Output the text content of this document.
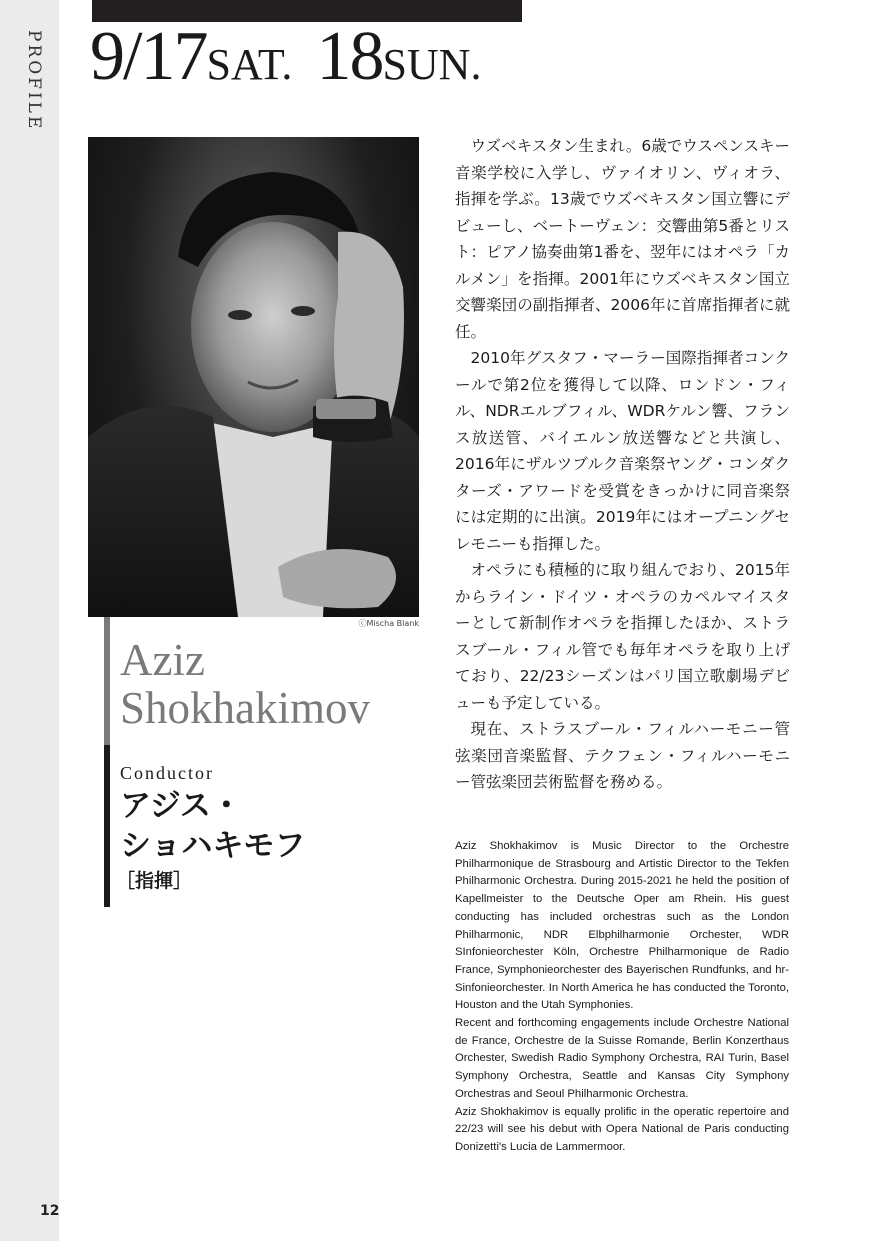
PROFILE
12
9/17SAT. 18SUN.
ⓒMischa Blank
Aziz
Shokhakimov
Conductor
アジス・
ショハキモフ
［指揮］

ウズベキスタン生まれ。6歳でウスペンスキー音楽学校に入学し、ヴァイオリン、ヴィオラ、指揮を学ぶ。13歳でウズベキスタン国立響にデビューし、ベートーヴェン：交響曲第5番とリスト：ピアノ協奏曲第1番を、翌年にはオペラ「カルメン」を指揮。2001年にウズベキスタン国立交響楽団の副指揮者、2006年に首席指揮者に就任。

2010年グスタフ・マーラー国際指揮者コンクールで第2位を獲得して以降、ロンドン・フィル、NDRエルブフィル、WDRケルン響、フランス放送管、バイエルン放送響などと共演し、2016年にザルツブルク音楽祭ヤング・コンダクターズ・アワードを受賞をきっかけに同音楽祭には定期的に出演。2019年にはオープニングセレモニーも指揮した。

オペラにも積極的に取り組んでおり、2015年からライン・ドイツ・オペラのカペルマイスターとして新制作オペラを指揮したほか、ストラスブール・フィル管でも毎年オペラを取り上げており、22/23シーズンはパリ国立歌劇場デビューも予定している。

現在、ストラスブール・フィルハーモニー管弦楽団音楽監督、テクフェン・フィルハーモニー管弦楽団芸術監督を務める。

Aziz Shokhakimov is Music Director to the Orchestre Philharmonique de Strasbourg and Artistic Director to the Tekfen Philharmonic Orchestra. During 2015-2021 he held the position of Kapellmeister to the Deutsche Oper am Rhein. His guest conducting has included orchestras such as the London Philharmonic, NDR Elbphilharmonie Orchester, WDR SInfonieorchester Köln, Orchestre Philharmonique de Radio France, Symphonieorchester des Bayerischen Rundfunks, and hr-Sinfonieorchester. In North America he has conducted the Toronto, Houston and the Utah Symphonies.

Recent and forthcoming engagements include Orchestre National de France, Orchestre de la Suisse Romande, Berlin Konzerthaus Orchester, Swedish Radio Symphony Orchestra, RAI Turin, Basel Symphony Orchestra, Seattle and Kansas City Symphony Orchestras and Seoul Philharmonic Orchestra.

Aziz Shokhakimov is equally prolific in the operatic repertoire and 22/23 will see his debut with Opera National de Paris conducting Donizetti's Lucia de Lammermoor.
